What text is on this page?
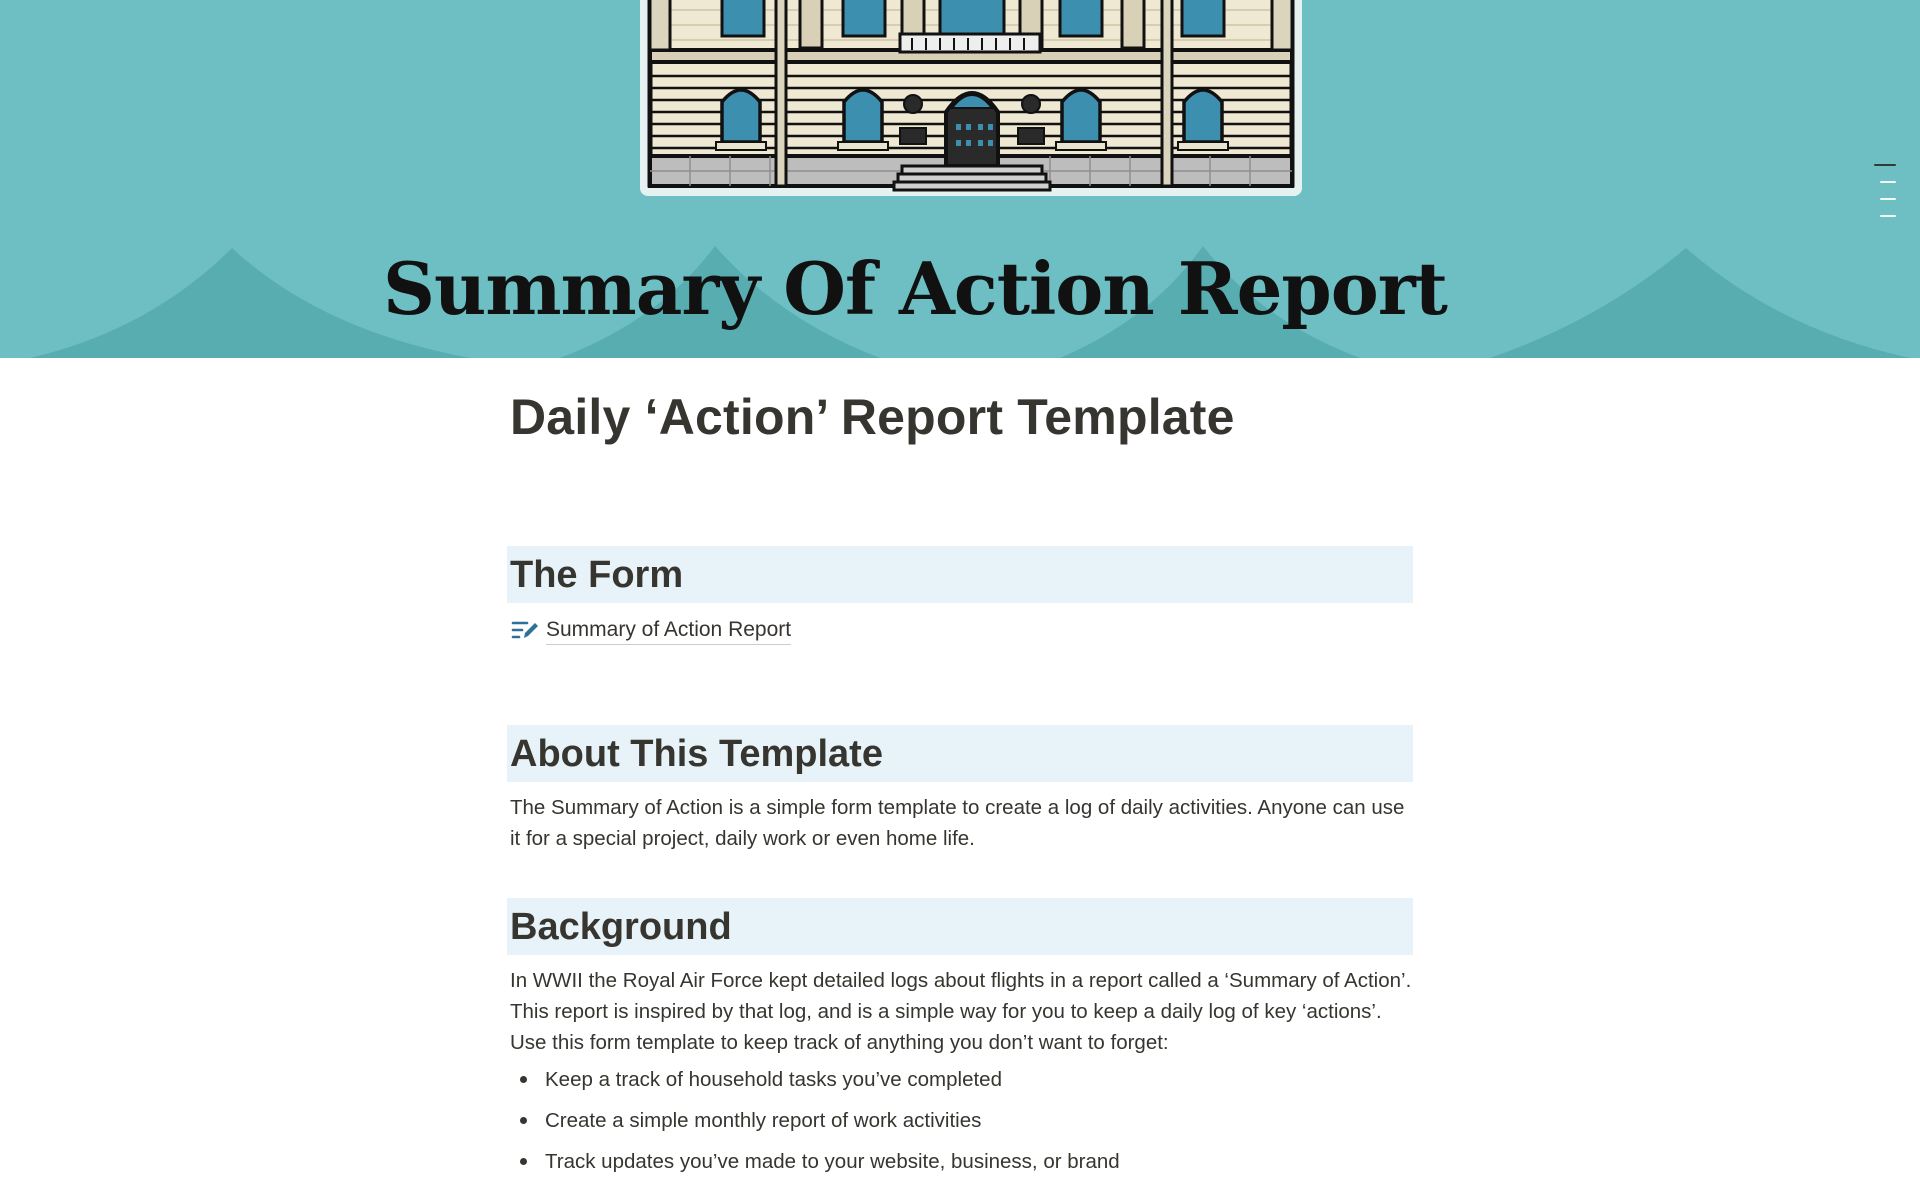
Summary Of Action Report
Daily ‘Action’ Report Template
The Form
Summary of Action Report
About This Template
The Summary of Action is a simple form template to create a log of daily activities. Anyone can use it for a special project, daily work or even home life.
Background
In WWII the Royal Air Force kept detailed logs about flights in a report called a ‘Summary of Action’. This report is inspired by that log, and is a simple way for you to keep a daily log of key ‘actions’. Use this form template to keep track of anything you don’t want to forget:
Keep a track of household tasks you’ve completed
Create a simple monthly report of work activities
Track updates you’ve made to your website, business, or brand
